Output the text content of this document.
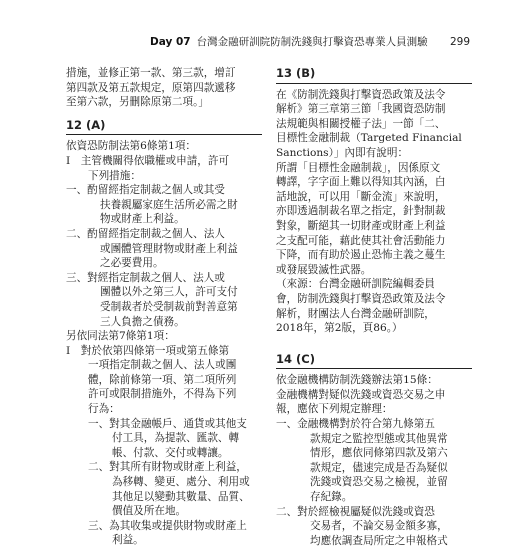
Day 07 台灣金融研訓院防制洗錢與打擊資恐專業人員測驗 299

措施，並修正第一款、第三款，增訂

第四款及第五款規定，原第四款遞移

至第六款，另刪除原第二項。」

12 (A)

依資恐防制法第6條第1項：

Ⅰ　主管機關得依職權或申請，許可

下列措施：

一、酌留經指定制裁之個人或其受

扶養親屬家庭生活所必需之財

物或財產上利益。

二、酌留經指定制裁之個人、法人

或團體管理財物或財產上利益

之必要費用。

三、對經指定制裁之個人、法人或

團體以外之第三人，許可支付

受制裁者於受制裁前對善意第

三人負擔之債務。

另依同法第7條第1項：

Ⅰ　對於依第四條第一項或第五條第

一項指定制裁之個人、法人或團

體，除前條第一項、第二項所列

許可或限制措施外，不得為下列

行為：

一、對其金融帳戶、通貨或其他支

付工具，為提款、匯款、轉

帳、付款、交付或轉讓。

二、對其所有財物或財產上利益，

為移轉、變更、處分、利用或

其他足以變動其數量、品質、

價值及所在地。

三、為其收集或提供財物或財產上

利益。

13 (B)

在《防制洗錢與打擊資恐政策及法令

解析》第三章第三節「我國資恐防制

法規範與相關授權子法」一節「二、

目標性金融制裁（Targeted Financial

Sanctions）」內即有說明：

所謂「目標性金融制裁」，因係原文

轉譯，字字面上難以得知其內涵，白

話地說，可以用「斷金流」來說明，

亦即透過制裁名單之指定，針對制裁

對象，斷絕其一切財產或財產上利益

之支配可能，藉此使其社會活動能力

下降，而有助於遏止恐怖主義之蔓生

或發展毀滅性武器。

（來源：台灣金融研訓院編輯委員

會，防制洗錢與打擊資恐政策及法令

解析，財團法人台灣金融研訓院，

2018年，第2版，頁86。）

14 (C)

依金融機構防制洗錢辦法第15條：

金融機構對疑似洗錢或資恐交易之申

報，應依下列規定辦理：

一、金融機構對於符合第九條第五

款規定之監控型態或其他異常

情形，應依同條第四款及第六

款規定，儘速完成是否為疑似

洗錢或資恐交易之檢視，並留

存紀錄。

二、對於經檢視屬疑似洗錢或資恐

交易者，不論交易金額多寡，

均應依調查局所定之申報格式
